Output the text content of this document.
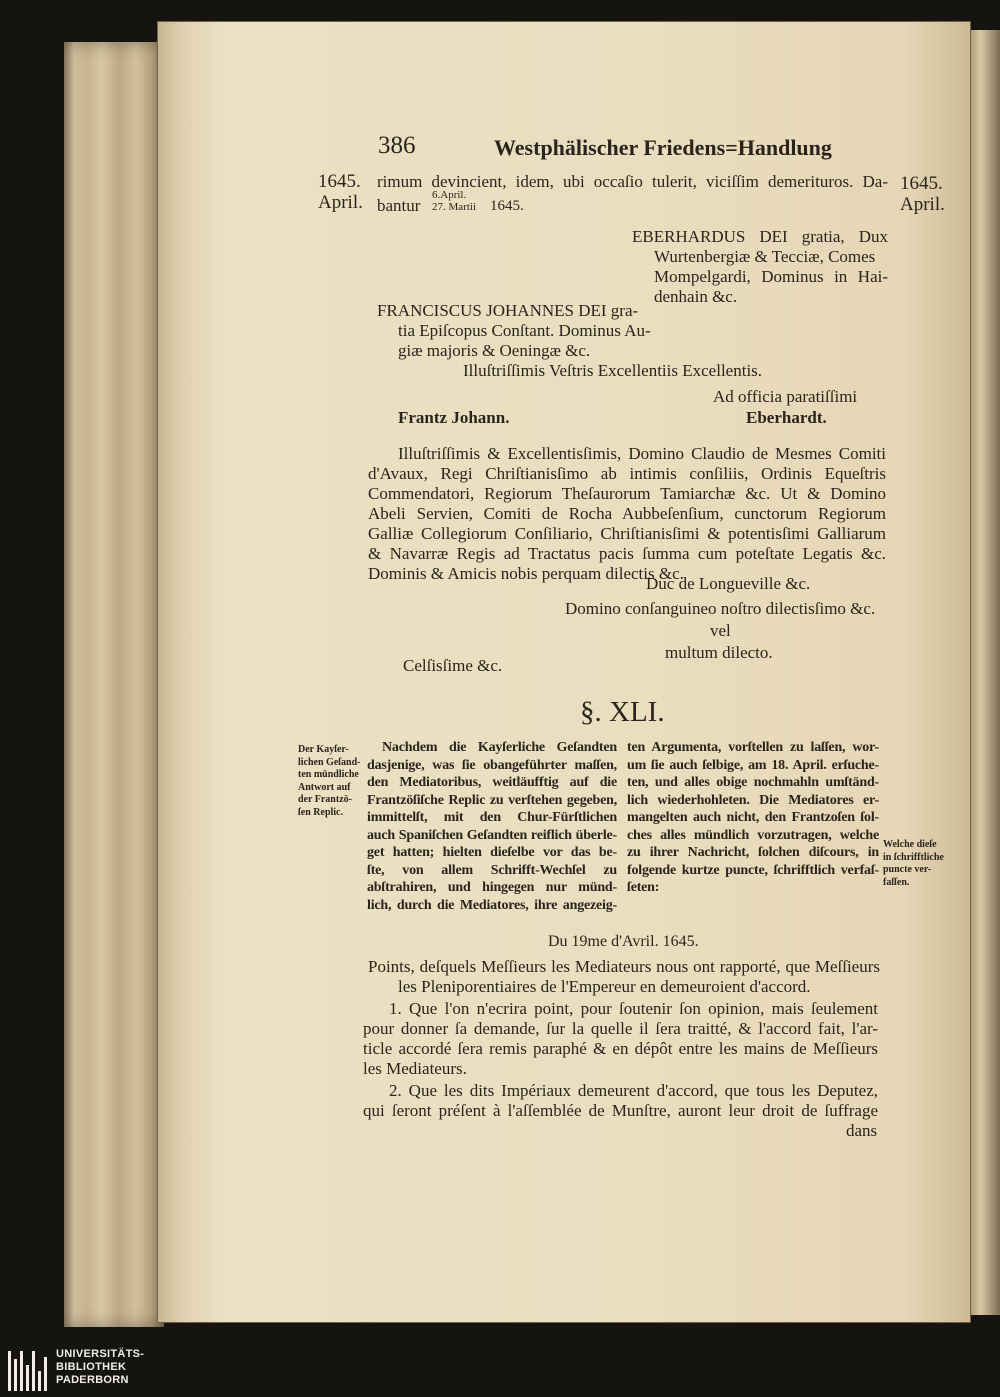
386	Westphälischer Friedens=Handlung
1645.
April.
1645.
April.
rimum devincient, idem, ubi occaſio tulerit, viciſſim demerituros. Da-
bantur
6.April.
27. Martii 1645.
EBERHARDUS DEI gratia, Dux
Wurtenbergiæ & Tecciæ, Comes
Mompelgardi, Dominus in Hai-
denhain &c.
FRANCISCUS JOHANNES DEI gra-
tia Epiſcopus Conſtant. Dominus Au-
giæ majoris & Oeningæ &c.
Illuſtriſſimis Veſtris Excellentiis Excellentis.
Ad officia paratiſſimi
Frantz Johann.	Eberhardt.
Illuſtriſſimis & Excellentisſimis, Domino Claudio de Mesmes Comiti
d'Avaux, Regi Chriſtianisſimo ab intimis conſiliis, Ordinis Equeſtris
Commendatori, Regiorum Theſaurorum Tamiarchæ &c. Ut & Domino
Abeli Servien, Comiti de Rocha Aubbeſenſium, cunctorum Regiorum
Galliæ Collegiorum Conſiliario, Chriſtianisſimi & potentisſimi Galliarum
& Navarræ Regis ad Tractatus pacis ſumma cum poteſtate Legatis &c.
Dominis & Amicis nobis perquam dilectis &c.
Duc de Longueville &c.
Domino conſanguineo noſtro dilectisſimo &c.
vel
multum dilecto.
Celſisſime &c.
§. XLI.
Der Kayſer-
lichen Geſand-
ten mündliche
Antwort auf
der Frantzö-
ſen Replic.
Welche dieſe
in ſchrifftliche
puncte ver-
faſſen.
Nachdem die Kayſerliche Geſandten
dasjenige, was ſie obangeführter maſſen,
den Mediatoribus, weitläufftig auf die
Frantzöſiſche Replic zu verſtehen gegeben,
immittelſt, mit den Chur-Fürſtlichen
auch Spaniſchen Geſandten reiflich überle-
get hatten; hielten dieſelbe vor das be-
ſte, von allem Schrifft-Wechſel zu
abſtrahiren, und hingegen nur münd-
lich, durch die Mediatores, ihre angezeig-
ten Argumenta, vorſtellen zu laſſen, wor-
um ſie auch ſelbige, am 18. April. erſuche-
ten, und alles obige nochmahln umſtänd-
lich wiederhohleten. Die Mediatores er-
mangelten auch nicht, den Frantzoſen ſol-
ches alles mündlich vorzutragen, welche
zu ihrer Nachricht, ſolchen diſcours, in
folgende kurtze puncte, ſchrifftlich verfaſ-
ſeten:
Du 19me d'Avril. 1645.
Points, deſquels Meſſieurs les Mediateurs nous ont rapporté, que Meſſieurs
les Pleniporentiaires de l'Empereur en demeuroient d'accord.
1. Que l'on n'ecrira point, pour ſoutenir ſon opinion, mais ſeulement
pour donner ſa demande, ſur la quelle il ſera traitté, & l'accord fait, l'ar-
ticle accordé ſera remis paraphé & en dépôt entre les mains de Meſſieurs
les Mediateurs.
2. Que les dits Impériaux demeurent d'accord, que tous les Deputez,
qui ſeront préſent à l'aſſemblée de Munſtre, auront leur droit de ſuffrage
dans
UNIVERSITÄTS-
BIBLIOTHEK
PADERBORN
